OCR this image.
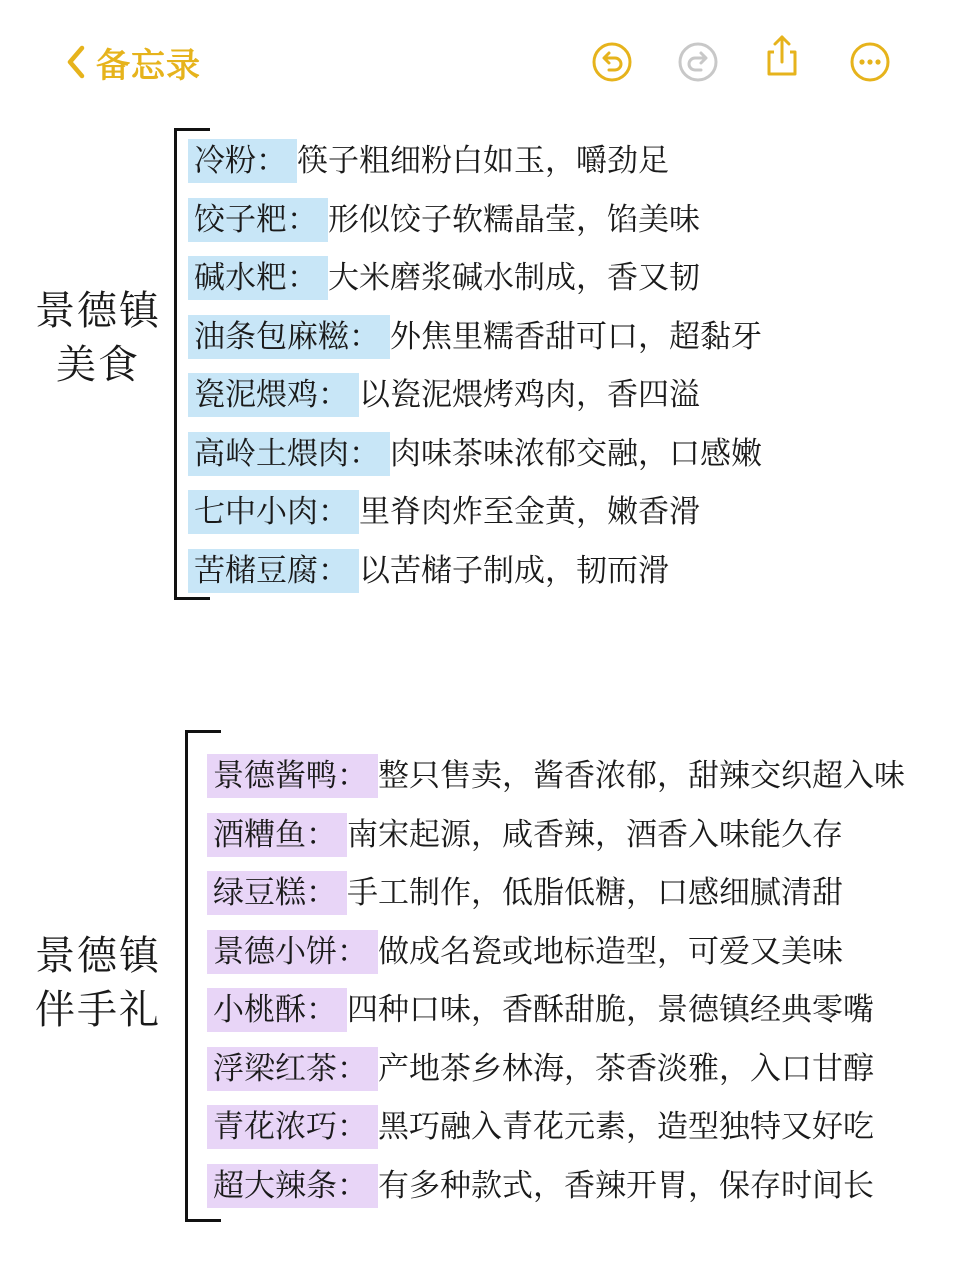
备忘录
景德镇
美食
冷粉： 筷子粗细粉白如玉，嚼劲足
饺子粑： 形似饺子软糯晶莹，馅美味
碱水粑： 大米磨浆碱水制成，香又韧
油条包麻糍： 外焦里糯香甜可口，超黏牙
瓷泥煨鸡： 以瓷泥煨烤鸡肉，香四溢
高岭土煨肉： 肉味茶味浓郁交融，口感嫩
七中小肉： 里脊肉炸至金黄，嫩香滑
苦槠豆腐： 以苦槠子制成，韧而滑
景德镇
伴手礼
景德酱鸭： 整只售卖，酱香浓郁，甜辣交织超入味
酒糟鱼： 南宋起源，咸香辣，酒香入味能久存
绿豆糕： 手工制作，低脂低糖，口感细腻清甜
景德小饼： 做成名瓷或地标造型，可爱又美味
小桃酥： 四种口味，香酥甜脆，景德镇经典零嘴
浮梁红茶： 产地茶乡林海，茶香淡雅，入口甘醇
青花浓巧： 黑巧融入青花元素，造型独特又好吃
超大辣条： 有多种款式，香辣开胃，保存时间长
